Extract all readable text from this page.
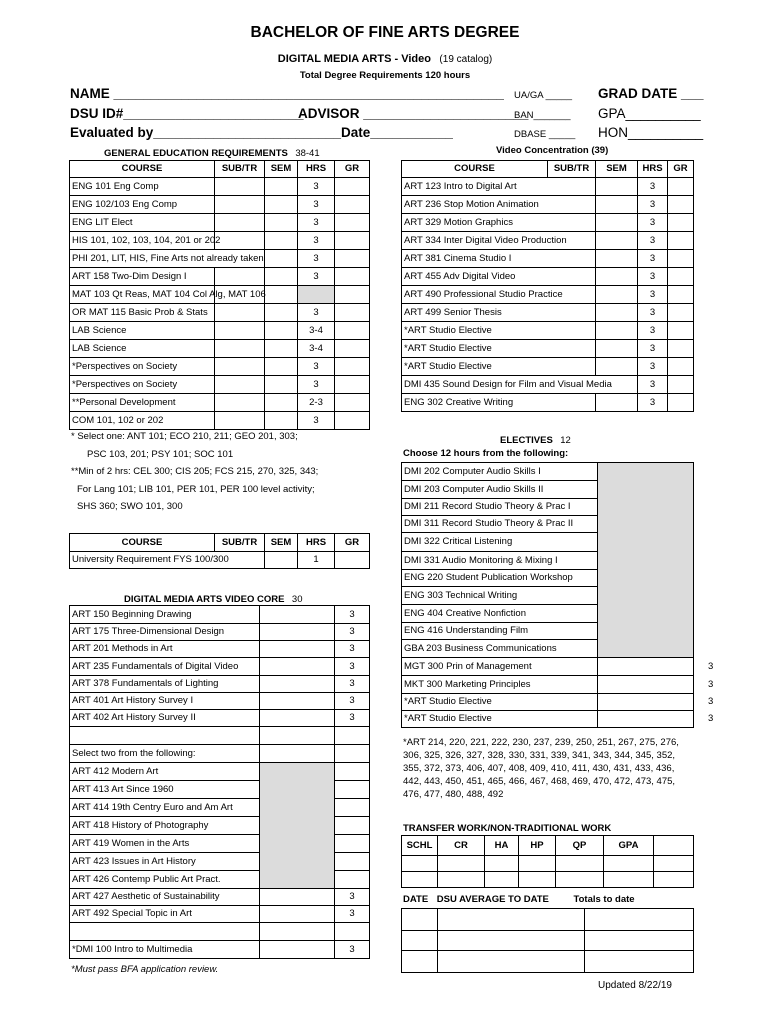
BACHELOR OF FINE ARTS DEGREE
DIGITAL MEDIA ARTS - Video (19 catalog)
Total Degree Requirements 120 hours
NAME ____________________________________________________ UA/GA _____ GRAD DATE ___
DSU ID#________________________
ADVISOR ______________________
BAN_______ GPA__________
Evaluated by_________________________Date___________	DBASE _____ HON__________
GENERAL EDUCATION REQUIREMENTS 38-41	Video Concentration (39)
COURSE	SUB/TR	SEM	HRS	GR
ENG 101 Eng Comp			3	
ENG 102/103 Eng Comp			3	
ENG LIT Elect			3	
HIS 101, 102, 103, 104, 201 or 202			3	
PHI 201, LIT, HIS, Fine Arts not already taken			3	
ART 158 Two-Dim Design I			3	
MAT 103 Qt Reas, MAT 104 Col Alg, MAT 106				
OR MAT 115 Basic Prob & Stats			3	
LAB Science			3-4	
LAB Science			3-4	
*Perspectives on Society			3	
*Perspectives on Society			3	
**Personal Development			2-3	
COM 101, 102 or 202			3	
* Select one: ANT 101; ECO 210, 211; GEO 201, 303;
PSC 103, 201; PSY 101; SOC 101
**Min of 2 hrs: CEL 300; CIS 205; FCS 215, 270, 325, 343;
For Lang 101; LIB 101, PER 101, PER 100 level activity;
SHS 360; SWO 101, 300
COURSE	SUB/TR	SEM	HRS	GR
University Requirement FYS 100/300			1	
DIGITAL MEDIA ARTS VIDEO CORE 30
ART 150 Beginning Drawing		3
ART 175 Three-Dimensional Design		3
ART 201 Methods in Art		3
ART 235 Fundamentals of Digital Video		3
ART 378 Fundamentals of Lighting		3
ART 401 Art History Survey I		3
ART 402 Art History Survey II		3

Select two from the following:		
ART 412 Modern Art		
ART 413 Art Since 1960		
ART 414 19th Centry Euro and Am Art		
ART 418 History of Photography		
ART 419 Women in the Arts		
ART 423 Issues in Art History		
ART 426 Contemp Public Art Pract.		
ART 427 Aesthetic of Sustainability		3
ART 492 Special Topic in Art		3

*DMI 100 Intro to Multimedia		3
*Must pass BFA application review.
COURSE	SUB/TR	SEM	HRS	GR
ART 123 Intro to Digital Art			3	
ART 236 Stop Motion Animation			3	
ART 329 Motion Graphics			3	
ART 334 Inter Digital Video Production			3	
ART 381 Cinema Studio I			3	
ART 455 Adv Digital Video			3	
ART 490 Professional Studio Practice			3	
ART 499 Senior Thesis			3	
*ART Studio Elective			3	
*ART Studio Elective			3	
*ART Studio Elective			3	
DMI 435 Sound Design for Film and Visual Media			3	
ENG 302 Creative Writing			3	
ELECTIVES 12
Choose 12 hours from the following:
DMI 202 Computer Audio Skills I	
DMI 203 Computer Audio Skills II	
DMI 211 Record Studio Theory & Prac I	
DMI 311 Record Studio Theory & Prac II	
DMI 322 Critical Listening	
DMI 331 Audio Monitoring & Mixing I	
ENG 220 Student Publication Workshop	
ENG 303 Technical Writing	
ENG 404 Creative Nonfiction	
ENG 416 Understanding Film	
GBA 203 Business Communications	
MGT 300 Prin of Management	3
MKT 300 Marketing Principles	3
*ART Studio Elective	3
*ART Studio Elective	3
*ART 214, 220, 221, 222, 230, 237, 239, 250, 251, 267, 275, 276,
306, 325, 326, 327, 328, 330, 331, 339, 341, 343, 344, 345, 352,
355, 372, 373, 406, 407, 408, 409, 410, 411, 430, 431, 433, 436,
442, 443, 450, 451, 465, 466, 467, 468, 469, 470, 472, 473, 475,
476, 477, 480, 488, 492
TRANSFER WORK/NON-TRADITIONAL WORK
SCHL	CR	HA	HP	QP	GPA	

DATE DSU AVERAGE TO DATE	Totals to date

Updated 8/22/19
